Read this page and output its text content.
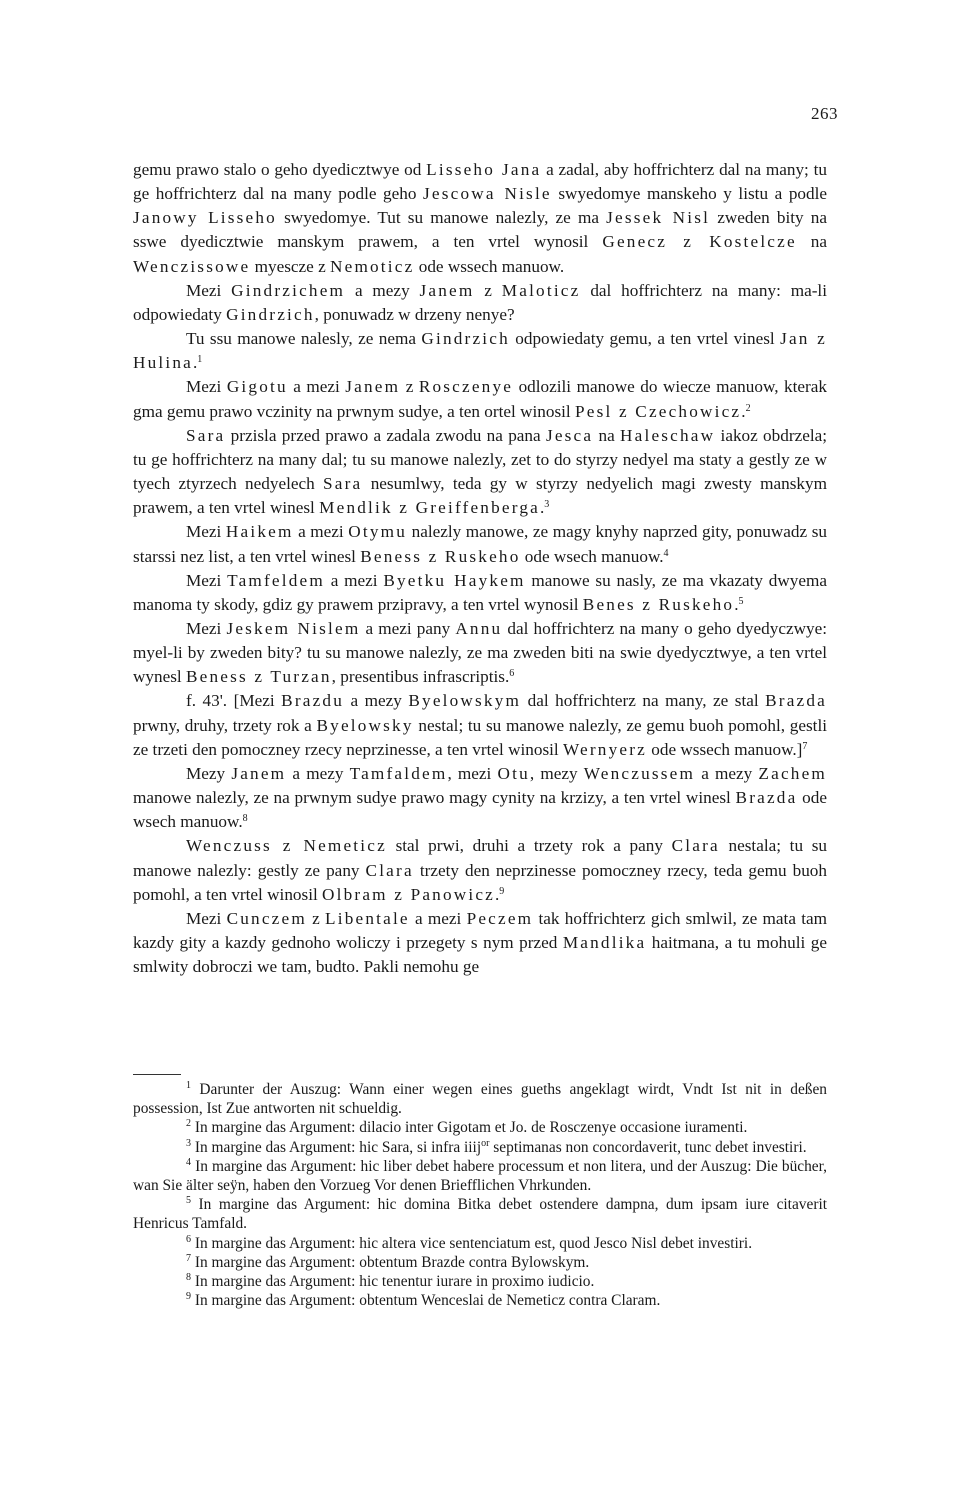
263

gemu prawo stalo o geho dyedicztwye od Lisseho Jana a zadal, aby hoffrichterz dal na many; tu ge hoffrichterz dal na many podle geho Jescowa Nisle swyedomye manskeho y listu a podle Janowy Lisseho swyedomye. Tut su manowe nalezly, ze ma Jessek Nisl zweden bity na sswe dyedicztwie manskym prawem, a ten vrtel wynosil Genecz z Kostelcze na Wenczissowe myescze z Nemoticz ode wssech manuow.

Mezi Gindrzichem a mezy Janem z Maloticz dal hoffrichterz na many: ma-li odpowiedaty Gindrzich, ponuwadz w drzeny nenye?

Tu ssu manowe nalesly, ze nema Gindrzich odpowiedaty gemu, a ten vrtel vinesl Jan z Hulina.$^1$

Mezi Gigotu a mezi Janem z Rosczenye odlozili manowe do wiecze manuow, kterak gma gemu prawo vczinity na prwnym sudye, a ten ortel winosil Pesl z Czechowicz.$^2$

Sara przisla przed prawo a zadala zwodu na pana Jesca na Haleschaw iakoz obdrzela; tu ge hoffrichterz na many dal; tu su manowe nalezly, zet to do styrzy nedyel ma staty a gestly ze w tyech ztyrzech nedyelech Sara nesumlwy, teda gy w styrzy nedyelich magi zwesty manskym prawem, a ten vrtel winesl Mendlik z Greiffenberga.$^3$

Mezi Haikem a mezi Otymu nalezly manowe, ze magy knyhy naprzed gity, ponuwadz su starssi nez list, a ten vrtel winesl Beness z Ruskeho ode wsech manuow.$^4$

Mezi Tamfeldem a mezi Byetku Haykem manowe su nasly, ze ma vkazaty dwyema manoma ty skody, gdiz gy prawem przipravy, a ten vrtel wynosil Benes z Ruskeho.$^5$

Mezi Jeskem Nislem a mezi pany Annu dal hoffrichterz na many o geho dyedyczwye: myel-li by zweden bity? tu su manowe nalezly, ze ma zweden biti na swie dyedycztwye, a ten vrtel wynesl Beness z Turzan, presentibus infrascriptis.$^6$

f. 43'. [Mezi Brazdu a mezy Byelowskym dal hoffrichterz na many, ze stal Brazda prwny, druhy, trzety rok a Byelowsky nestal; tu su manowe nalezly, ze gemu buoh pomohl, gestli ze trzeti den pomoczney rzecy neprzinesse, a ten vrtel winosil Wernyerz ode wssech manuow.]$^7$

Mezy Janem a mezy Tamfaldem, mezi Otu, mezy Wenczussem a mezy Zachem manowe nalezly, ze na prwnym sudye prawo magy cynity na krzizy, a ten vrtel winesl Brazda ode wsech manuow.$^8$

Wenczuss z Nemeticz stal prwi, druhi a trzety rok a pany Clara nestala; tu su manowe nalezly: gestly ze pany Clara trzety den neprzinesse pomoczney rzecy, teda gemu buoh pomohl, a ten vrtel winosil Olbram z Panowicz.$^9$

Mezi Cunczem z Libentale a mezi Peczem tak hoffrichterz gich smlwil, ze mata tam kazdy gity a kazdy gednoho woliczy i przegety s nym przed Mandlika haitmana, a tu mohuli ge smlwity dobroczi we tam, budto. Pakli nemohu ge

$^1$ Darunter der Auszug: Wann einer wegen eines gueths angeklagt wirdt, Vndt Ist nit in deßen possession, Ist Zue antworten nit schueldig.

$^2$ In margine das Argument: dilacio inter Gigotam et Jo. de Rosczenye occasione iuramenti.

$^3$ In margine das Argument: hic Sara, si infra iiij$^{or}$ septimanas non concordaverit, tunc debet investiri.

$^4$ In margine das Argument: hic liber debet habere processum et non litera, und der Auszug: Die bücher, wan Sie älter seÿn, haben den Vorzueg Vor denen Briefflichen Vhrkunden.

$^5$ In margine das Argument: hic domina Bitka debet ostendere dampna, dum ipsam iure citaverit Henricus Tamfald.

$^6$ In margine das Argument: hic altera vice sentenciatum est, quod Jesco Nisl debet investiri.

$^7$ In margine das Argument: obtentum Brazde contra Bylowskym.

$^8$ In margine das Argument: hic tenentur iurare in proximo iudicio.

$^9$ In margine das Argument: obtentum Wenceslai de Nemeticz contra Claram.
